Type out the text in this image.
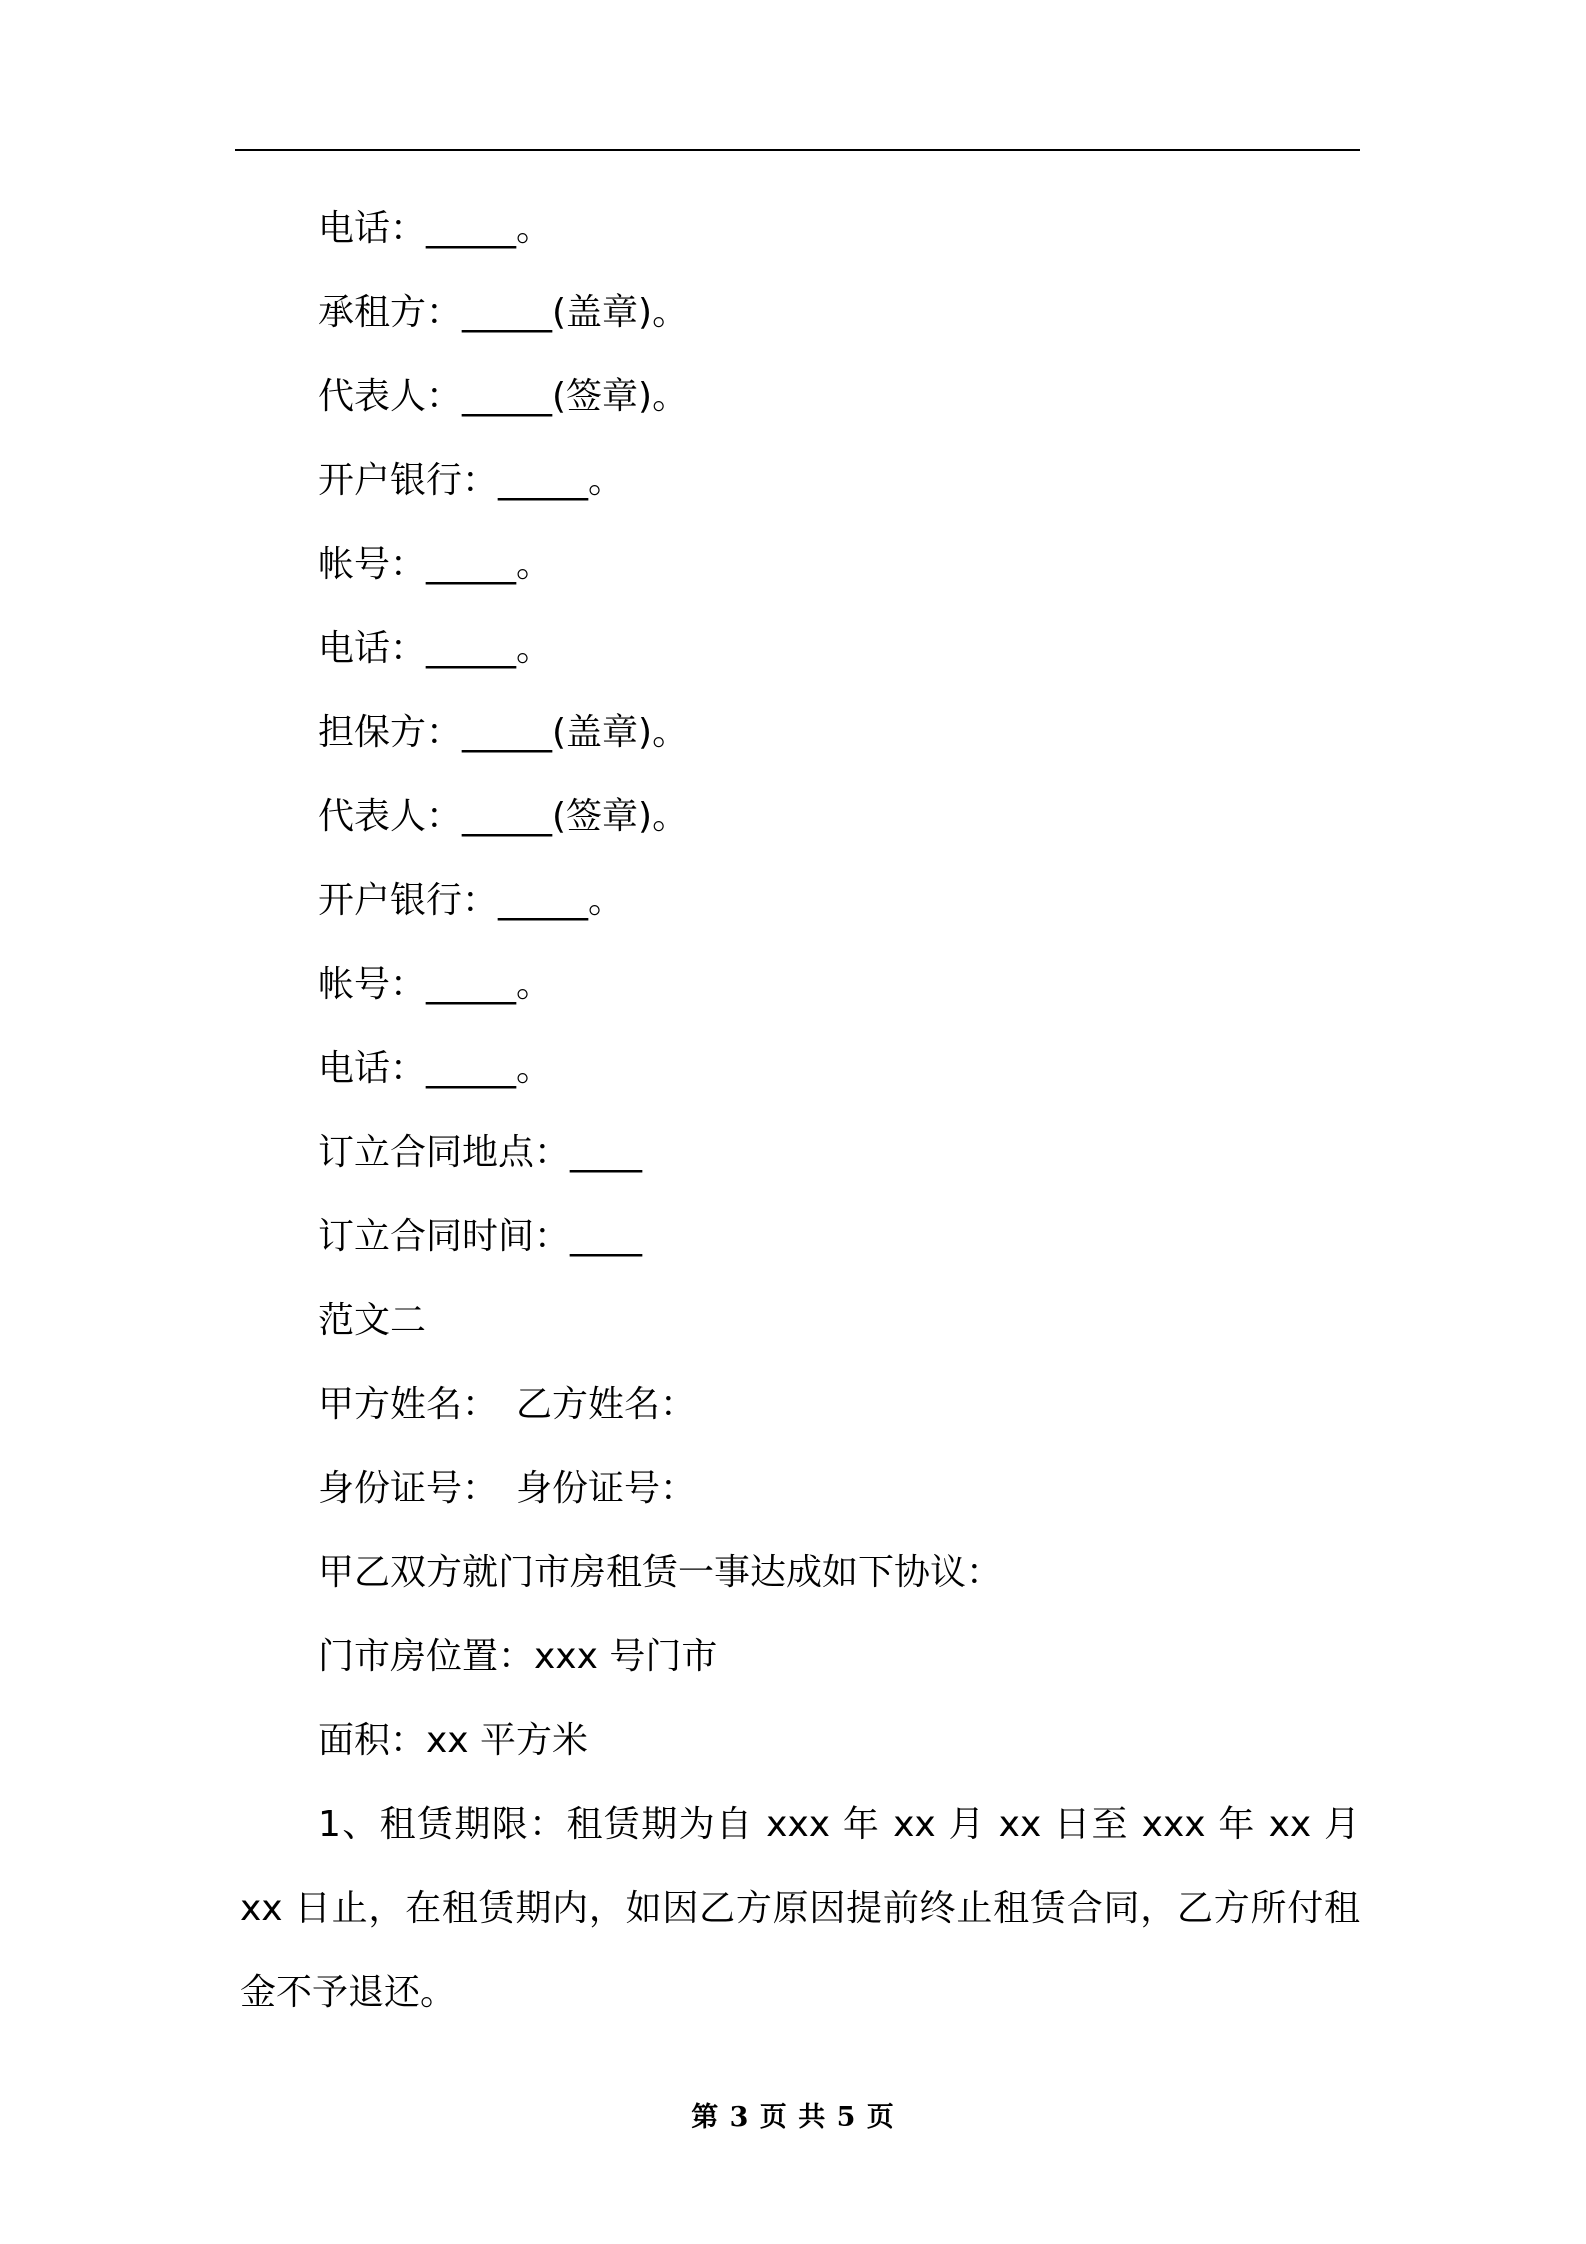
电话：_____。
承租方：_____(盖章)。
代表人：_____(签章)。
开户银行：_____。
帐号：_____。
电话：_____。
担保方：_____(盖章)。
代表人：_____(签章)。
开户银行：_____。
帐号：_____。
电话：_____。
订立合同地点：____
订立合同时间：____
范文二
甲方姓名：　乙方姓名：
身份证号：　身份证号：
甲乙双方就门市房租赁一事达成如下协议：
门市房位置：xxx 号门市
面积：xx 平方米
1、租赁期限：租赁期为自 xxx 年 xx 月 xx 日至 xxx 年 xx 月 xx 日止，在租赁期内，如因乙方原因提前终止租赁合同，乙方所付租金不予退还。
第 3 页 共 5 页
